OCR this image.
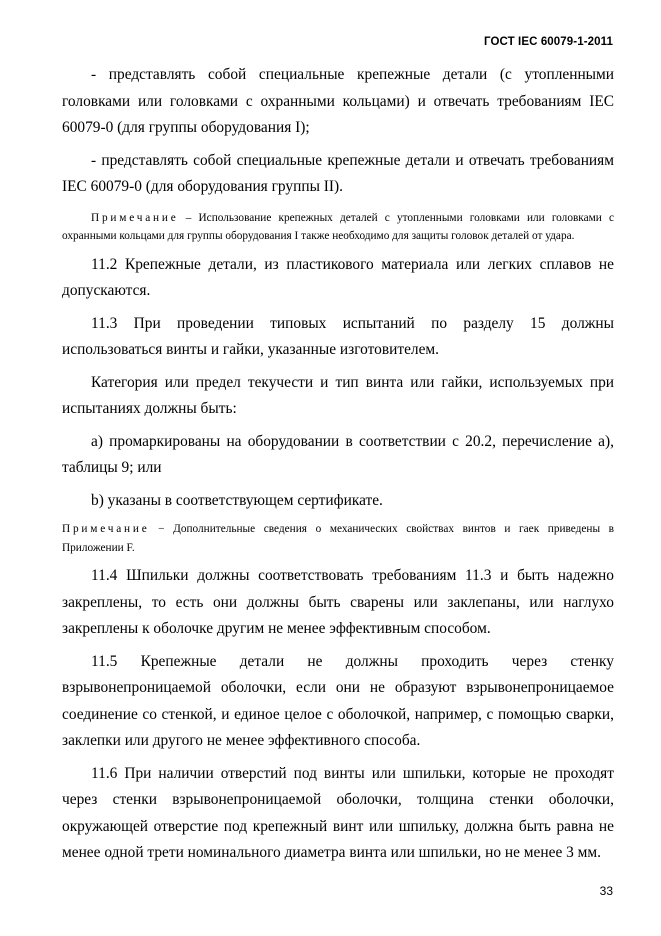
ГОСТ IEC 60079-1-2011

- представлять собой специальные крепежные детали (с утопленными головками или головками с охранными кольцами) и отвечать требованиям IEC 60079-0 (для группы оборудования I);

- представлять собой специальные крепежные детали и отвечать требованиям IEC 60079-0 (для оборудования группы II).

Примечание – Использование крепежных деталей с утопленными головками или головками с охранными кольцами для группы оборудования I также необходимо для защиты головок деталей от удара.

11.2 Крепежные детали, из пластикового материала или легких сплавов не допускаются.

11.3 При проведении типовых испытаний по разделу 15 должны использоваться винты и гайки, указанные изготовителем.

Категория или предел текучести и тип винта или гайки, используемых при испытаниях должны быть:

a) промаркированы на оборудовании в соответствии с 20.2, перечисление а), таблицы 9; или

b) указаны в соответствующем сертификате.

Примечание − Дополнительные сведения о механических свойствах винтов и гаек приведены в Приложении F.

11.4 Шпильки должны соответствовать требованиям 11.3 и быть надежно закреплены, то есть они должны быть сварены или заклепаны, или наглухо закреплены к оболочке другим не менее эффективным способом.

11.5 Крепежные детали не должны проходить через стенку взрывонепроницаемой оболочки, если они не образуют взрывонепроницаемое соединение со стенкой, и единое целое с оболочкой, например, с помощью сварки, заклепки или другого не менее эффективного способа.

11.6 При наличии отверстий под винты или шпильки, которые не проходят через стенки взрывонепроницаемой оболочки, толщина стенки оболочки, окружающей отверстие под крепежный винт или шпильку, должна быть равна не менее одной трети номинального диаметра винта или шпильки, но не менее 3 мм.

33
